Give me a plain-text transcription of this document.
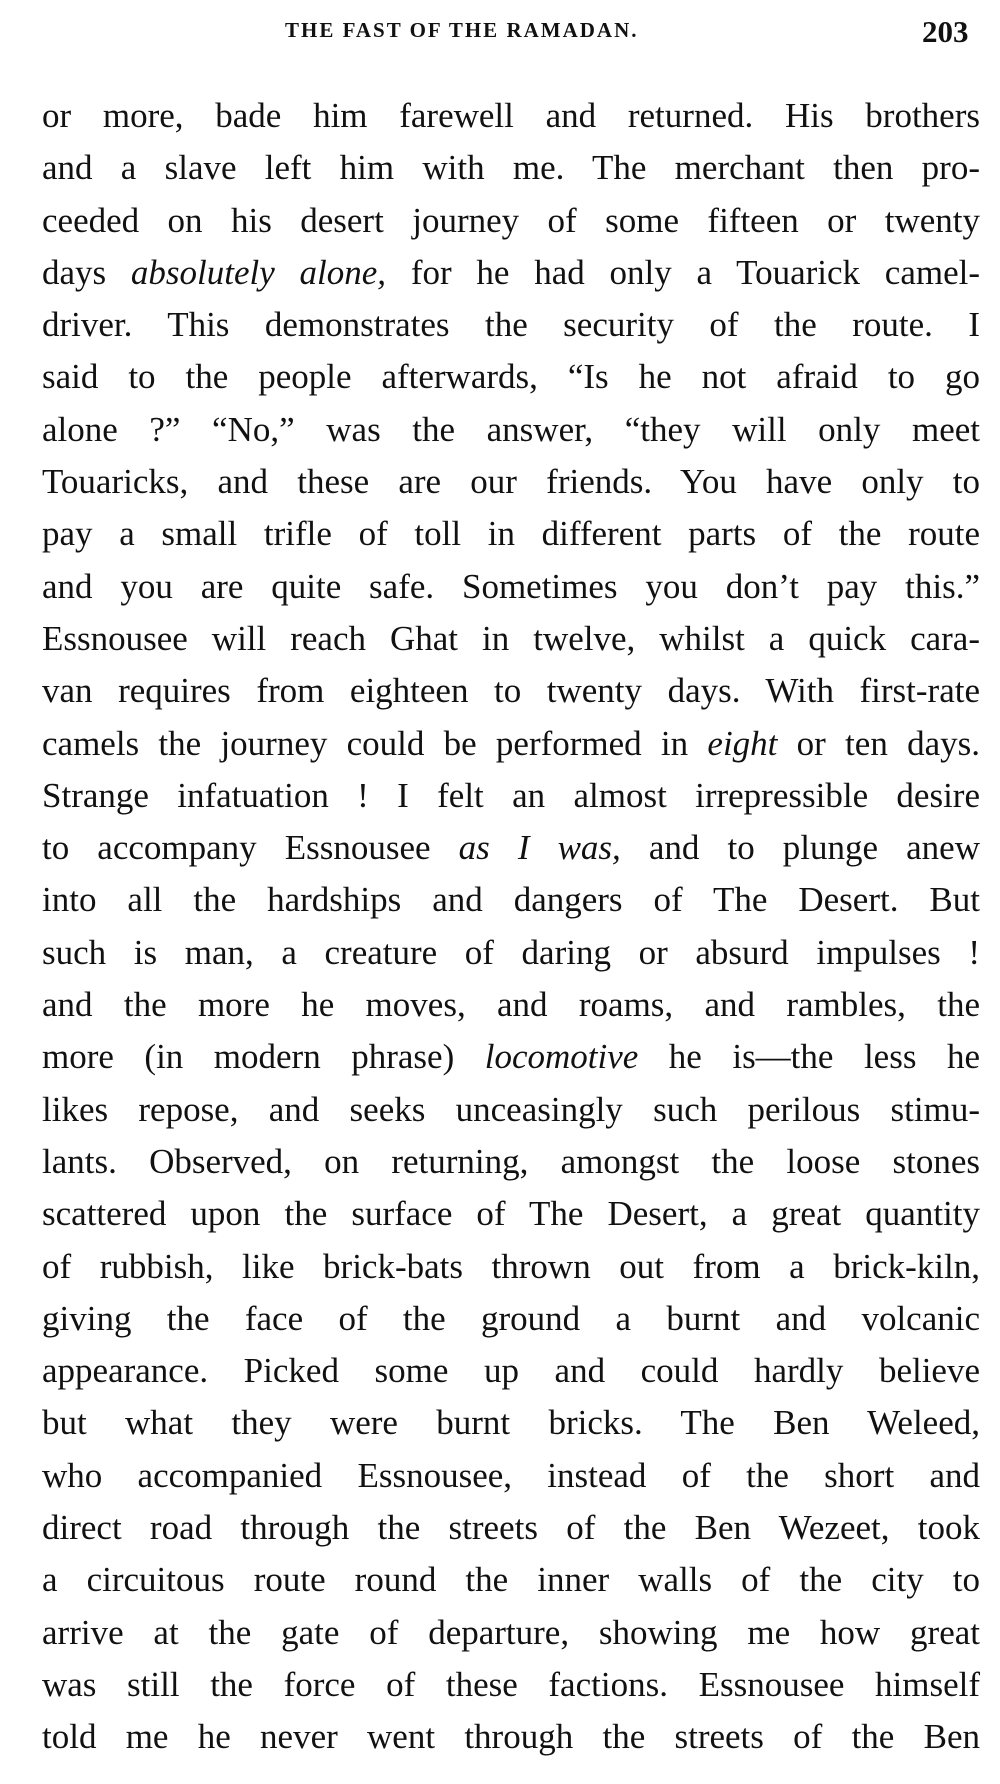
THE FAST OF THE RAMADAN.	203
or more, bade him farewell and returned. His brothers
and a slave left him with me. The merchant then pro-
ceeded on his desert journey of some fifteen or twenty
days absolutely alone, for he had only a Touarick camel-
driver. This demonstrates the security of the route. I
said to the people afterwards, “Is he not afraid to go
alone ?” “No,” was the answer, “they will only meet
Touaricks, and these are our friends. You have only to
pay a small trifle of toll in different parts of the route
and you are quite safe. Sometimes you don’t pay this.”
Essnousee will reach Ghat in twelve, whilst a quick cara-
van requires from eighteen to twenty days. With first-rate
camels the journey could be performed in eight or ten days.
Strange infatuation ! I felt an almost irrepressible desire
to accompany Essnousee as I was, and to plunge anew
into all the hardships and dangers of The Desert. But
such is man, a creature of daring or absurd impulses !
and the more he moves, and roams, and rambles, the
more (in modern phrase) locomotive he is—the less he
likes repose, and seeks unceasingly such perilous stimu-
lants. Observed, on returning, amongst the loose stones
scattered upon the surface of The Desert, a great quantity
of rubbish, like brick-bats thrown out from a brick-kiln,
giving the face of the ground a burnt and volcanic
appearance. Picked some up and could hardly believe
but what they were burnt bricks. The Ben Weleed,
who accompanied Essnousee, instead of the short and
direct road through the streets of the Ben Wezeet, took
a circuitous route round the inner walls of the city to
arrive at the gate of departure, showing me how great
was still the force of these factions. Essnousee himself
told me he never went through the streets of the Ben
